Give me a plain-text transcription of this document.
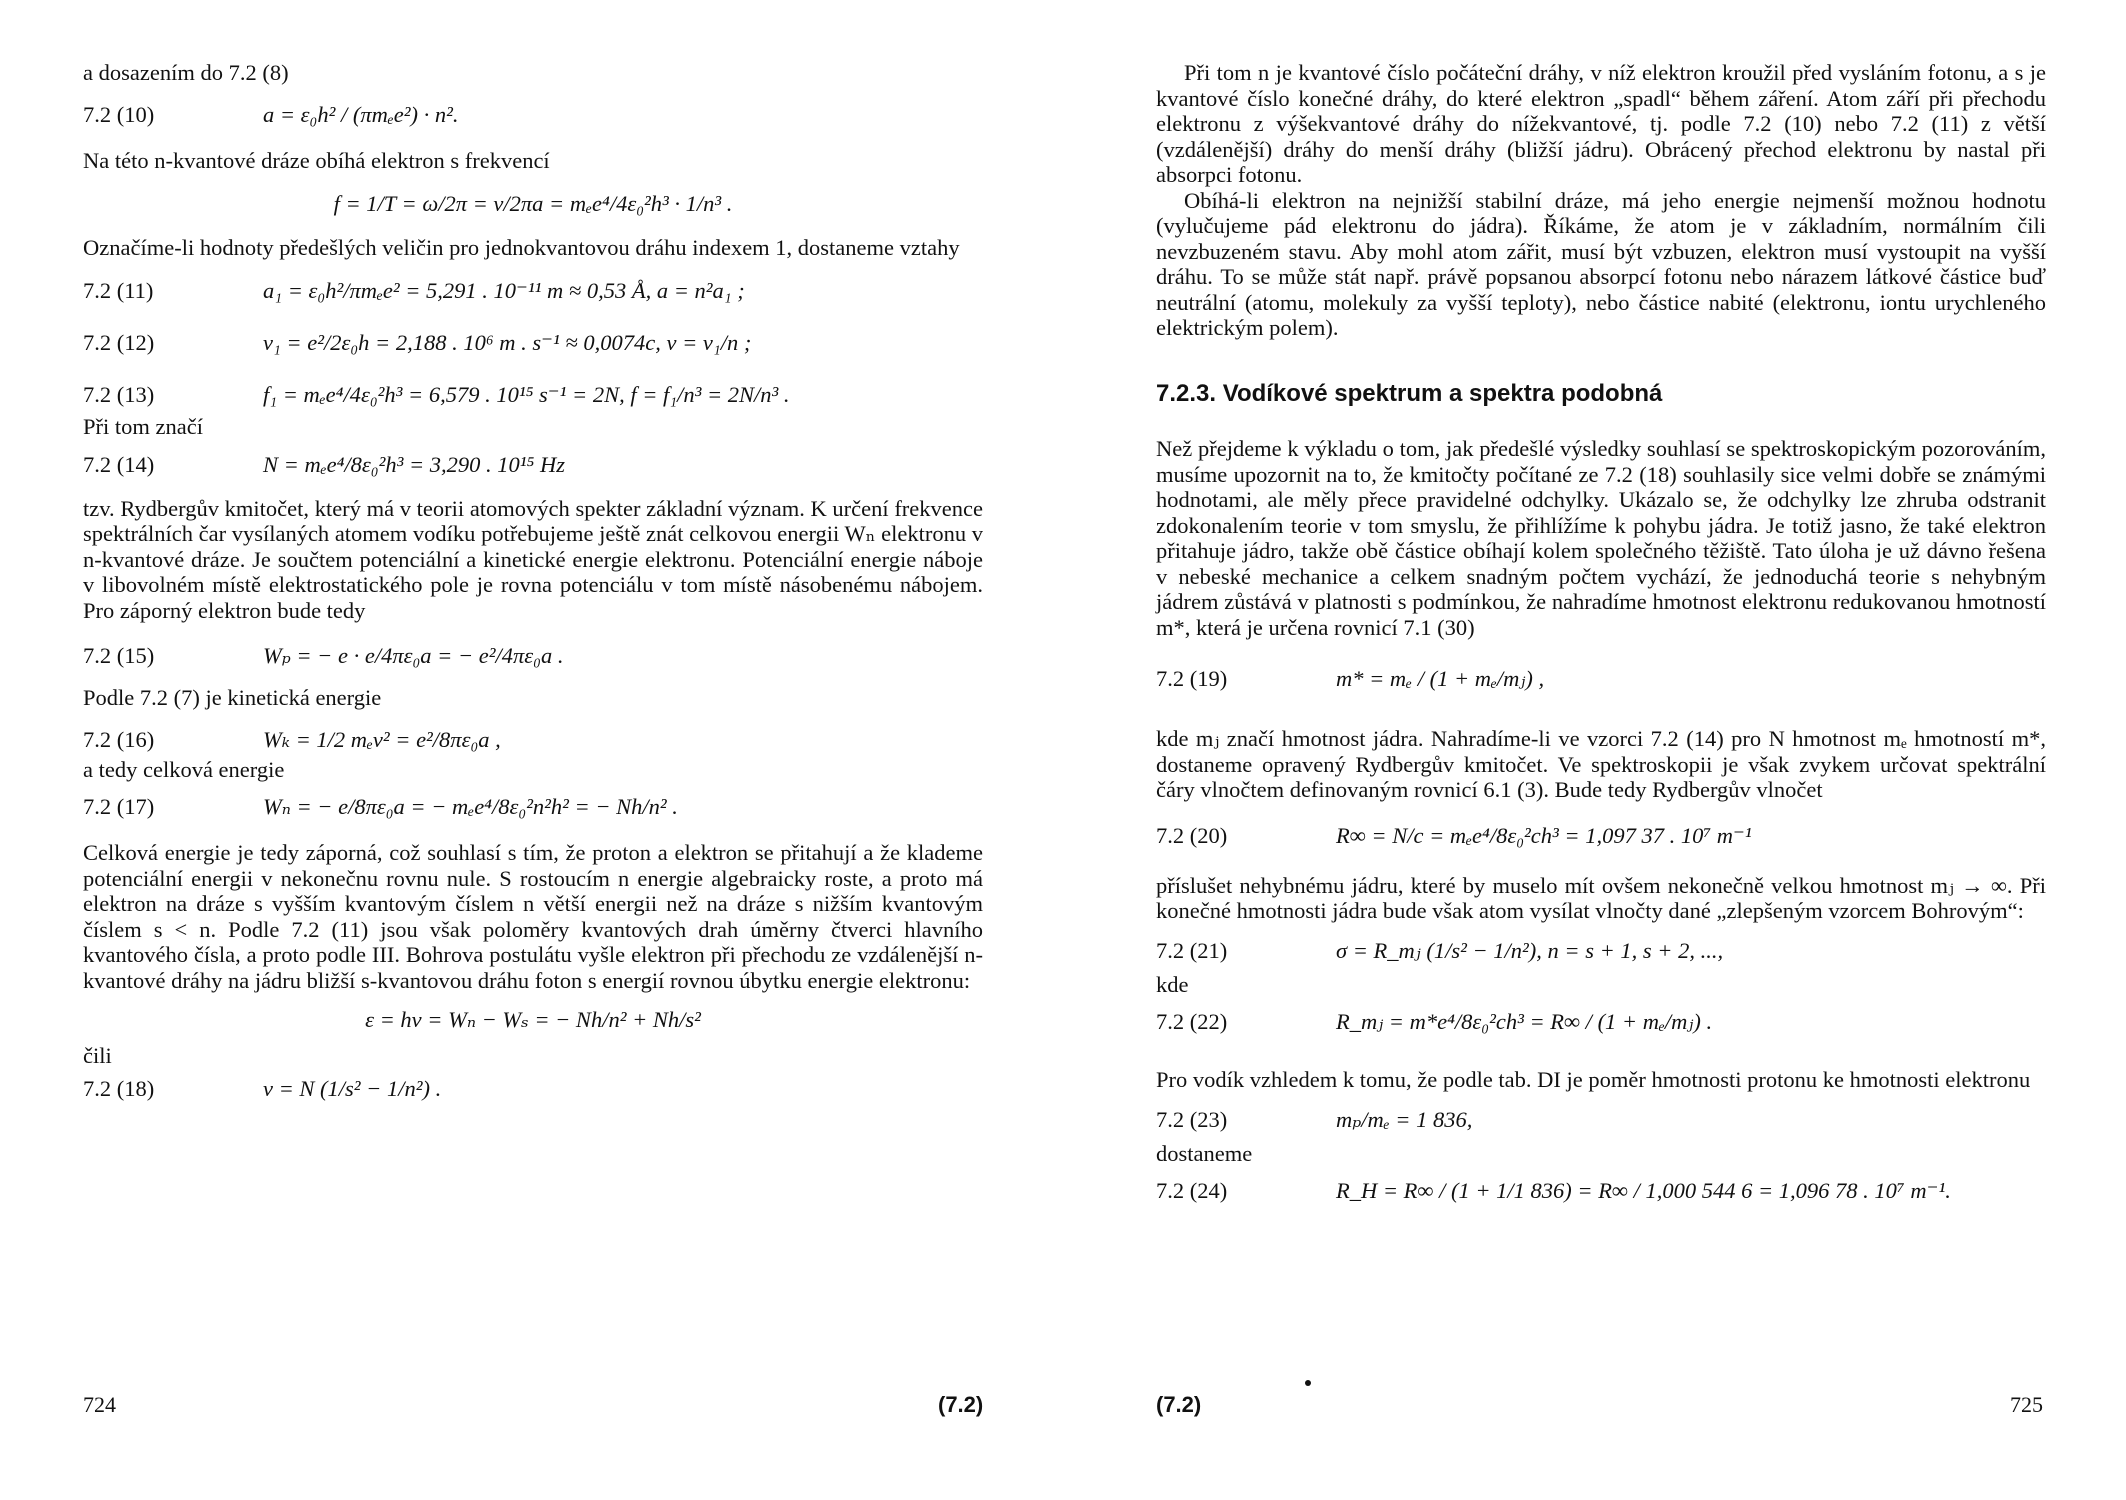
a dosazením do 7.2 (8)

7.2 (10)	a = ε₀h² / (πmₑe²) · n².

Na této n-kvantové dráze obíhá elektron s frekvencí

f = 1/T = ω/2π = v/2πa = mₑe⁴/4ε₀²h³ · 1/n³ .

Označíme-li hodnoty předešlých veličin pro jednokvantovou dráhu indexem 1, dostaneme vztahy

7.2 (11)	a₁ = ε₀h²/πmₑe² = 5,291 . 10⁻¹¹ m ≈ 0,53 Å, a = n²a₁ ;
7.2 (12)	v₁ = e²/2ε₀h = 2,188 . 10⁶ m . s⁻¹ ≈ 0,0074c, v = v₁/n ;
7.2 (13)	f₁ = mₑe⁴/4ε₀²h³ = 6,579 . 10¹⁵ s⁻¹ = 2N, f = f₁/n³ = 2N/n³ .

Při tom značí

7.2 (14)	N = mₑe⁴/8ε₀²h³ = 3,290 . 10¹⁵ Hz

tzv. Rydbergův kmitočet, který má v teorii atomových spekter základní význam. K určení frekvence spektrálních čar vysílaných atomem vodíku potřebujeme ještě znát celkovou energii Wₙ elektronu v n-kvantové dráze. Je součtem potenciální a kinetické energie elektronu. Potenciální energie náboje v libovolném místě elektrostatického pole je rovna potenciálu v tom místě násobenému nábojem. Pro záporný elektron bude tedy

7.2 (15)	Wₚ = − e · e/4πε₀a = − e²/4πε₀a .

Podle 7.2 (7) je kinetická energie

7.2 (16)	Wₖ = 1/2 mₑv² = e²/8πε₀a ,

a tedy celková energie

7.2 (17)	Wₙ = − e/8πε₀a = − mₑe⁴/8ε₀²n²h² = − Nh/n² .

Celková energie je tedy záporná, což souhlasí s tím, že proton a elektron se přitahují a že klademe potenciální energii v nekonečnu rovnu nule. S rostoucím n energie algebraicky roste, a proto má elektron na dráze s vyšším kvantovým číslem n větší energii než na dráze s nižším kvantovým číslem s < n. Podle 7.2 (11) jsou však poloměry kvantových drah úměrny čtverci hlavního kvantového čísla, a proto podle III. Bohrova postulátu vyšle elektron při přechodu ze vzdálenější n-kvantové dráhy na jádru bližší s-kvantovou dráhu foton s energií rovnou úbytku energie elektronu:

ε = hν = Wₙ − Wₛ = − Nh/n² + Nh/s²

čili

7.2 (18)	ν = N (1/s² − 1/n²) .
724	(7.2)

Při tom n je kvantové číslo počáteční dráhy, v níž elektron kroužil před vysláním fotonu, a s je kvantové číslo konečné dráhy, do které elektron „spadl“ během záření. Atom září při přechodu elektronu z výšekvantové dráhy do nížekvantové, tj. podle 7.2 (10) nebo 7.2 (11) z větší (vzdálenější) dráhy do menší dráhy (bližší jádru). Obrácený přechod elektronu by nastal při absorpci fotonu.

Obíhá-li elektron na nejnižší stabilní dráze, má jeho energie nejmenší možnou hodnotu (vylučujeme pád elektronu do jádra). Říkáme, že atom je v základním, normálním čili nevzbuzeném stavu. Aby mohl atom zářit, musí být vzbuzen, elektron musí vystoupit na vyšší dráhu. To se může stát např. právě popsanou absorpcí fotonu nebo nárazem látkové částice buď neutrální (atomu, molekuly za vyšší teploty), nebo částice nabité (elektronu, iontu urychleného elektrickým polem).

7.2.3. Vodíkové spektrum a spektra podobná

Než přejdeme k výkladu o tom, jak předešlé výsledky souhlasí se spektroskopickým pozorováním, musíme upozornit na to, že kmitočty počítané ze 7.2 (18) souhlasily sice velmi dobře se známými hodnotami, ale měly přece pravidelné odchylky. Ukázalo se, že odchylky lze zhruba odstranit zdokonalením teorie v tom smyslu, že přihlížíme k pohybu jádra. Je totiž jasno, že také elektron přitahuje jádro, takže obě částice obíhají kolem společného těžiště. Tato úloha je už dávno řešena v nebeské mechanice a celkem snadným počtem vychází, že jednoduchá teorie s nehybným jádrem zůstává v platnosti s podmínkou, že nahradíme hmotnost elektronu redukovanou hmotností m*, která je určena rovnicí 7.1 (30)

7.2 (19)	m* = mₑ / (1 + mₑ/mⱼ) ,

kde mⱼ značí hmotnost jádra. Nahradíme-li ve vzorci 7.2 (14) pro N hmotnost mₑ hmotností m*, dostaneme opravený Rydbergův kmitočet. Ve spektroskopii je však zvykem určovat spektrální čáry vlnočtem definovaným rovnicí 6.1 (3). Bude tedy Rydbergův vlnočet

7.2 (20)	R∞ = N/c = mₑe⁴/8ε₀²ch³ = 1,097 37 . 10⁷ m⁻¹

příslušet nehybnému jádru, které by muselo mít ovšem nekonečně velkou hmotnost mⱼ → ∞. Při konečné hmotnosti jádra bude však atom vysílat vlnočty dané „zlepšeným vzorcem Bohrovým“:

7.2 (21)	σ = R_mⱼ (1/s² − 1/n²), n = s + 1, s + 2, ...,

kde

7.2 (22)	R_mⱼ = m*e⁴/8ε₀²ch³ = R∞ / (1 + mₑ/mⱼ) .

Pro vodík vzhledem k tomu, že podle tab. DI je poměr hmotnosti protonu ke hmotnosti elektronu

7.2 (23)	mₚ/mₑ = 1 836,

dostaneme

7.2 (24)	R_H = R∞ / (1 + 1/1 836) = R∞ / 1,000 544 6 = 1,096 78 . 10⁷ m⁻¹.
(7.2)	725
